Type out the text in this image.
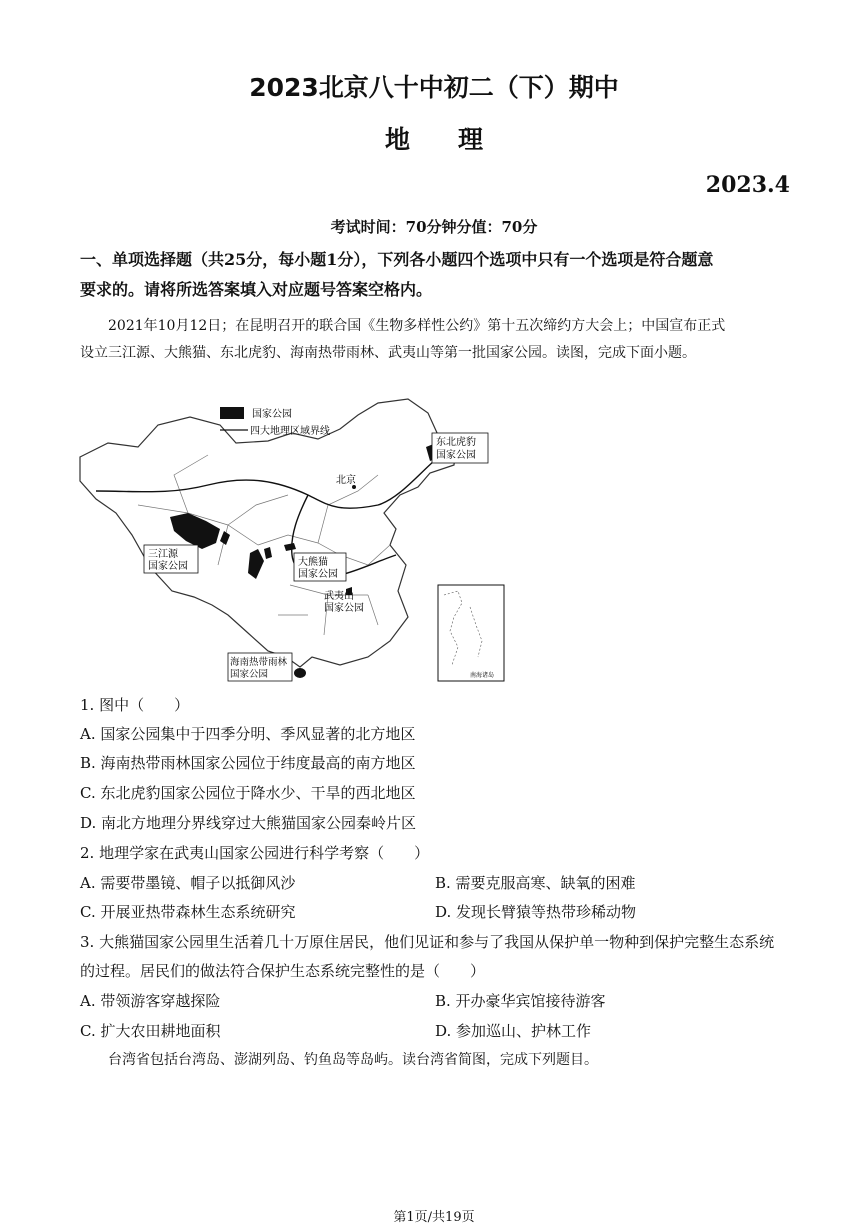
2023北京八十中初二（下）期中
地理
2023.4
考试时间：70分钟分值：70分
一、单项选择题（共25分，每小题1分），下列各小题四个选项中只有一个选项是符合题意
要求的。请将所选答案填入对应题号答案空格内。
2021年10月12日；在昆明召开的联合国《生物多样性公约》第十五次缔约方大会上；中国宣布正式
设立三江源、大熊猫、东北虎豹、海南热带雨林、武夷山等第一批国家公园。读图，完成下面小题。
国家公园
四大地理区域界线
北京
东北虎豹
国家公园
三江源
国家公园	大熊猫
国家公园
武夷山
国家公园
海南热带雨林
国家公园	南海诸岛
1. 图中（　　）
A. 国家公园集中于四季分明、季风显著的北方地区
B. 海南热带雨林国家公园位于纬度最高的南方地区
C. 东北虎豹国家公园位于降水少、干旱的西北地区
D. 南北方地理分界线穿过大熊猫国家公园秦岭片区
2. 地理学家在武夷山国家公园进行科学考察（　　）
A. 需要带墨镜、帽子以抵御风沙	B. 需要克服高寒、缺氧的困难
C. 开展亚热带森林生态系统研究	D. 发现长臂猿等热带珍稀动物
3. 大熊猫国家公园里生活着几十万原住居民，他们见证和参与了我国从保护单一物种到保护完整生态系统
的过程。居民们的做法符合保护生态系统完整性的是（　　）
A. 带领游客穿越探险	B. 开办豪华宾馆接待游客
C. 扩大农田耕地面积	D. 参加巡山、护林工作
台湾省包括台湾岛、澎湖列岛、钓鱼岛等岛屿。读台湾省简图，完成下列题目。
第1页/共19页
